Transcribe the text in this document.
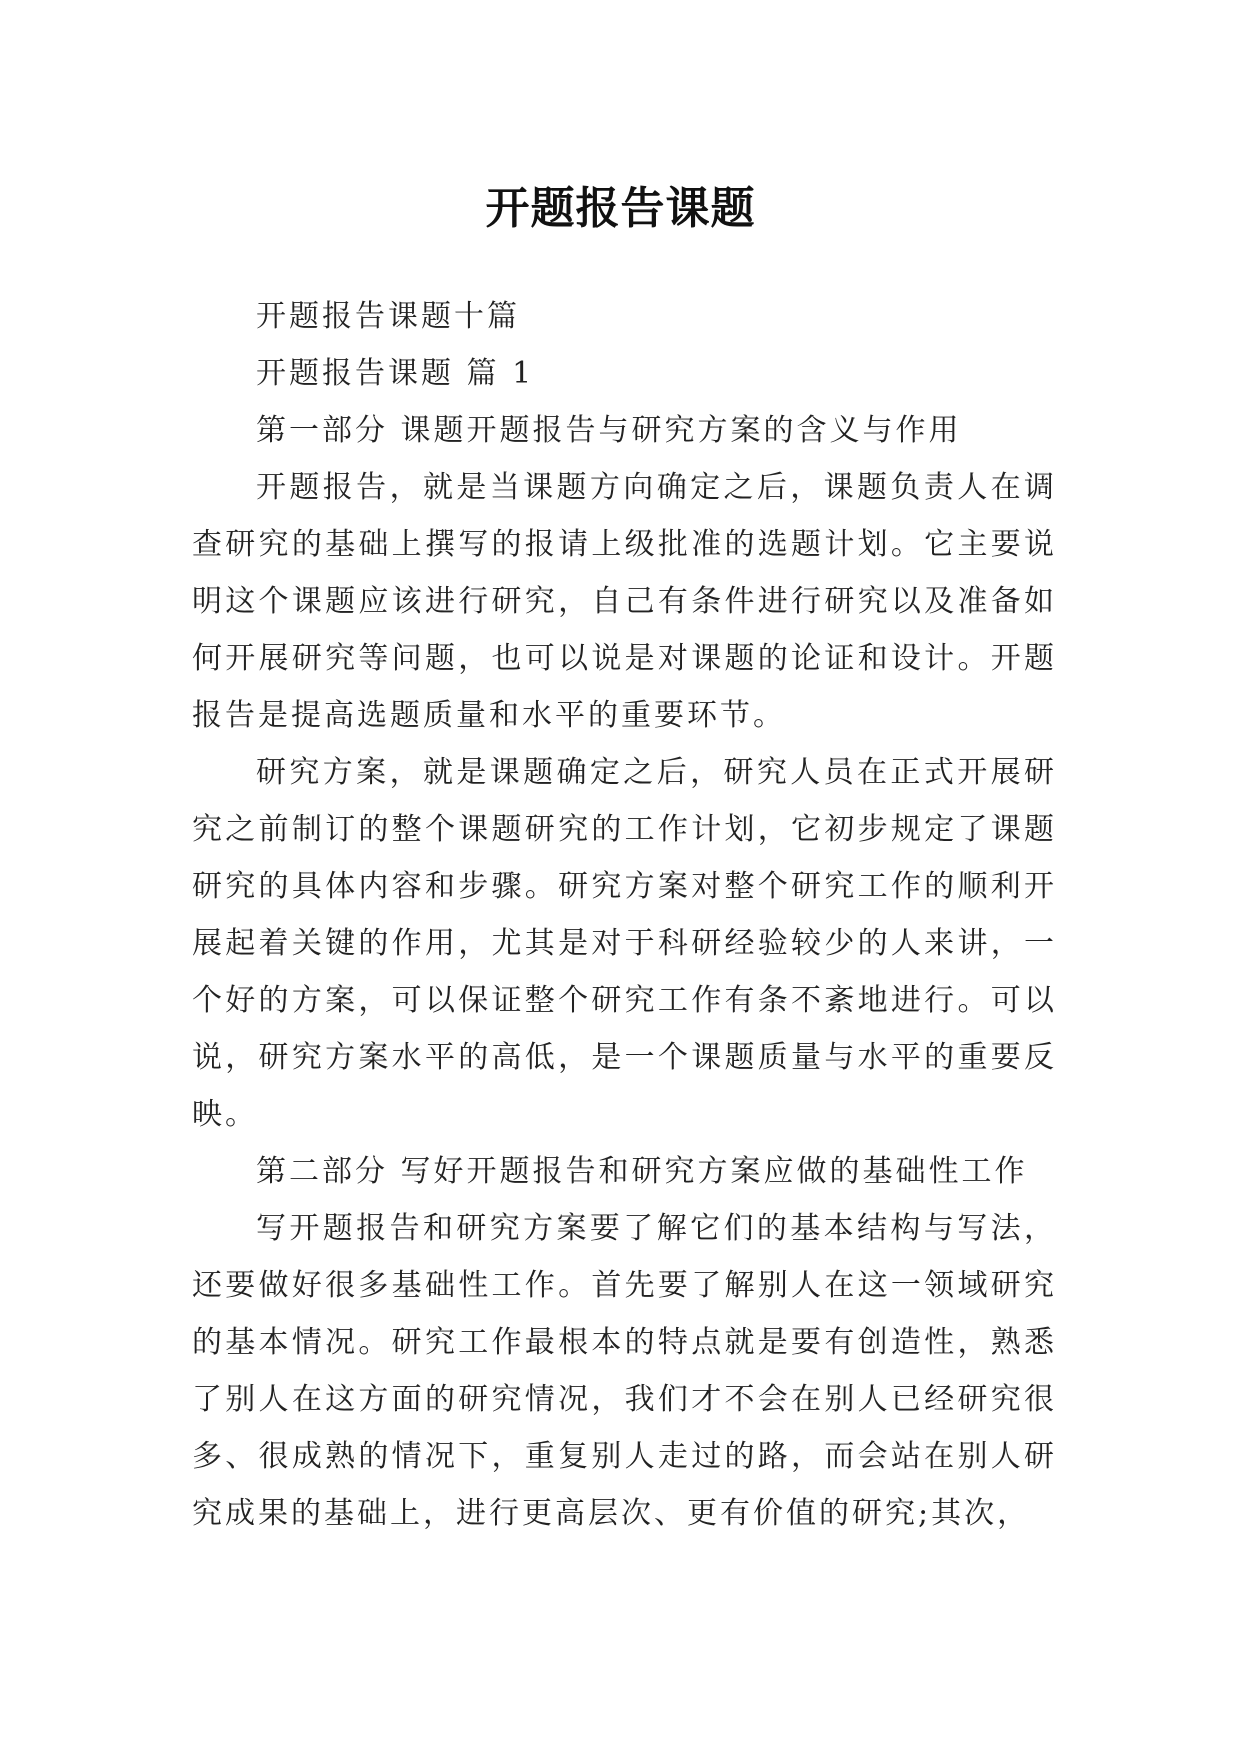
开题报告课题

开题报告课题十篇

开题报告课题 篇 1

第一部分 课题开题报告与研究方案的含义与作用

开题报告，就是当课题方向确定之后，课题负责人在调查研究的基础上撰写的报请上级批准的选题计划。它主要说明这个课题应该进行研究，自己有条件进行研究以及准备如何开展研究等问题，也可以说是对课题的论证和设计。开题报告是提高选题质量和水平的重要环节。

研究方案，就是课题确定之后，研究人员在正式开展研究之前制订的整个课题研究的工作计划，它初步规定了课题研究的具体内容和步骤。研究方案对整个研究工作的顺利开展起着关键的作用，尤其是对于科研经验较少的人来讲，一个好的方案，可以保证整个研究工作有条不紊地进行。可以说，研究方案水平的高低，是一个课题质量与水平的重要反映。

第二部分 写好开题报告和研究方案应做的基础性工作

写开题报告和研究方案要了解它们的基本结构与写法，还要做好很多基础性工作。首先要了解别人在这一领域研究的基本情况。研究工作最根本的特点就是要有创造性，熟悉了别人在这方面的研究情况，我们才不会在别人已经研究很多、很成熟的情况下，重复别人走过的路，而会站在别人研究成果的基础上，进行更高层次、更有价值的研究;其次，
